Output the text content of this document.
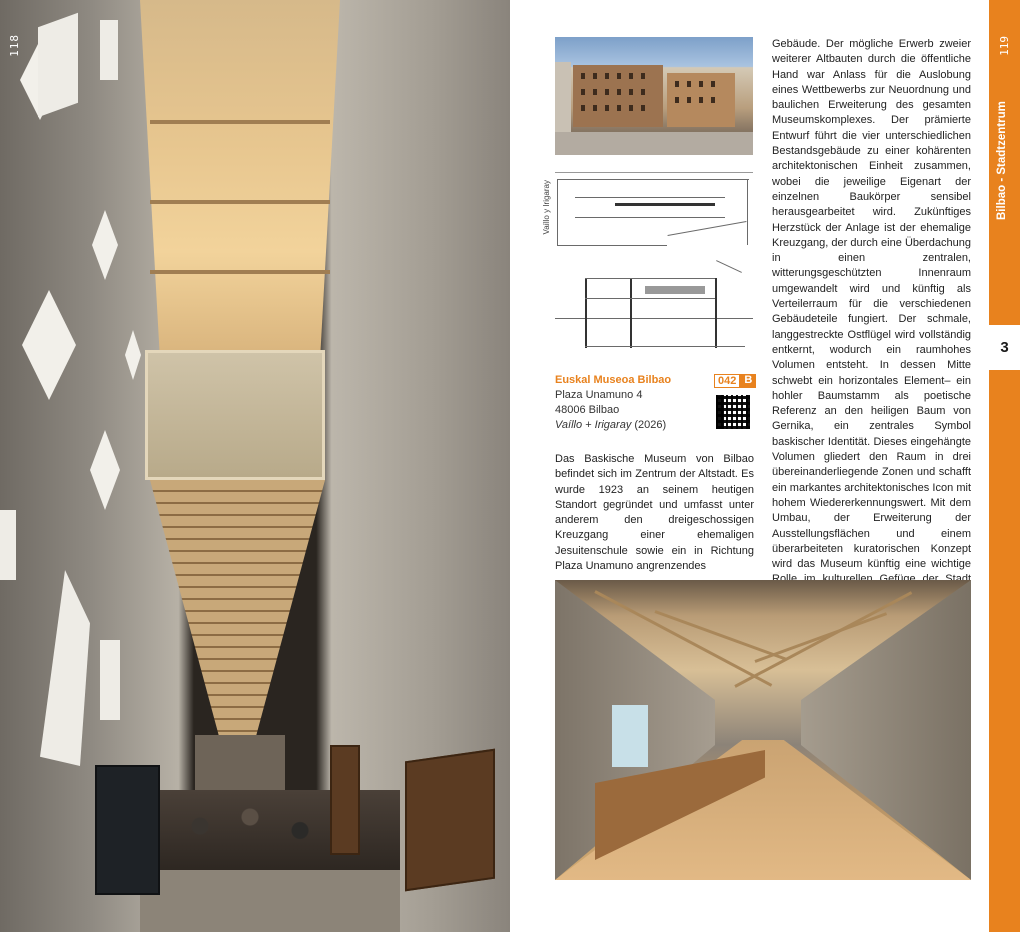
118
Vaíllo y Irigaray
042 B
Euskal Museoa Bilbao
Plaza Unamuno 4
48006 Bilbao
Vaíllo + Irigaray (2026)

Das Baskische Museum von Bilbao befindet sich im Zentrum der Altstadt. Es wurde 1923 an seinem heutigen Standort gegründet und umfasst unter anderem den dreigeschossigen Kreuzgang einer ehemaligen Jesuitenschule sowie ein in Richtung Plaza Unamuno angrenzendes

Gebäude. Der mögliche Erwerb zweier weiterer Altbauten durch die öffentliche Hand war Anlass für die Auslobung eines Wettbewerbs zur Neuordnung und baulichen Erweiterung des gesamten Museumskomplexes. Der prämierte Entwurf führt die vier unterschiedlichen Bestandsgebäude zu einer kohärenten architektonischen Einheit zusammen, wobei die jeweilige Eigenart der einzelnen Baukörper sensibel herausgearbeitet wird. Zukünftiges Herzstück der Anlage ist der ehemalige Kreuzgang, der durch eine Überdachung in einen zentralen, witterungsgeschützten Innenraum umgewandelt wird und künftig als Verteilerraum für die verschiedenen Gebäudeteile fungiert. Der schmale, langgestreckte Ostflügel wird vollständig entkernt, wodurch ein raumhohes Volumen entsteht. In dessen Mitte schwebt ein horizontales Element– ein hohler Baumstamm als poetische Referenz an den heiligen Baum von Gernika, ein zentrales Symbol baskischer Identität. Dieses eingehängte Volumen gliedert den Raum in drei übereinanderliegende Zonen und schafft ein markantes architektonisches Icon mit hohem Wiedererkennungswert. Mit dem Umbau, der Erweiterung der Ausstellungsflächen und einem überarbeiteten kuratorischen Konzept wird das Museum künftig eine wichtige

Bilbao - Stadtzentrum
119
3
